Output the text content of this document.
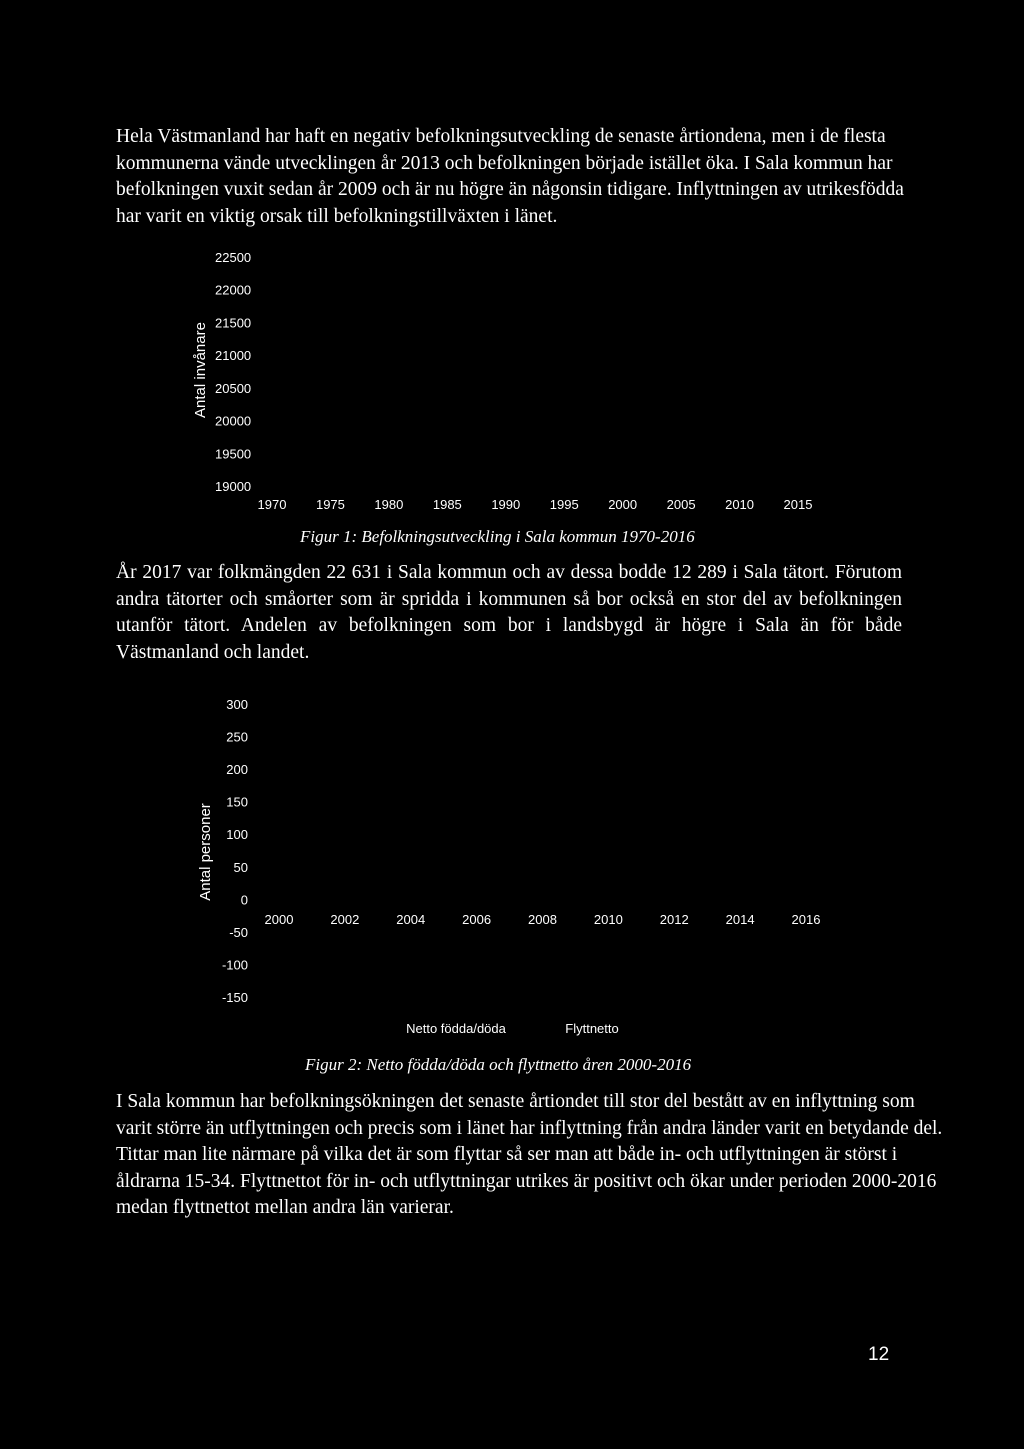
Hela Västmanland har haft en negativ befolkningsutveckling de senaste årtiondena, men i de flesta kommunerna vände utvecklingen år 2013 och befolkningen började istället öka. I Sala kommun har befolkningen vuxit sedan år 2009 och är nu högre än någonsin tidigare. Inflyttningen av utrikesfödda har varit en viktig orsak till befolkningstillväxten i länet.

22500
22000
21500
21000
20500
20000
19500
19000
1970 1975 1980 1985 1990 1995 2000 2005 2010 2015
Antal invånare
Figur 1: Befolkningsutveckling i Sala kommun 1970-2016

År 2017 var folkmängden 22 631 i Sala kommun och av dessa bodde 12 289 i Sala tätort. Förutom andra tätorter och småorter som är spridda i kommunen så bor också en stor del av befolkningen utanför tätort. Andelen av befolkningen som bor i landsbygd är högre i Sala än för både Västmanland och landet.

300
250
200
150
100
50
0
-50
-100
-150
2000	2002	2004	2006	2008	2010	2012	2014	2016
Netto födda/döda	Flyttnetto
Antal personer
Figur 2: Netto födda/döda och flyttnetto åren 2000-2016

I Sala kommun har befolkningsökningen det senaste årtiondet till stor del bestått av en inflyttning som varit större än utflyttningen och precis som i länet har inflyttning från andra länder varit en betydande del. Tittar man lite närmare på vilka det är som flyttar så ser man att både in- och utflyttningen är störst i åldrarna 15-34. Flyttnettot för in- och utflyttningar utrikes är positivt och ökar under perioden 2000-2016 medan flyttnettot mellan andra län varierar.

12
